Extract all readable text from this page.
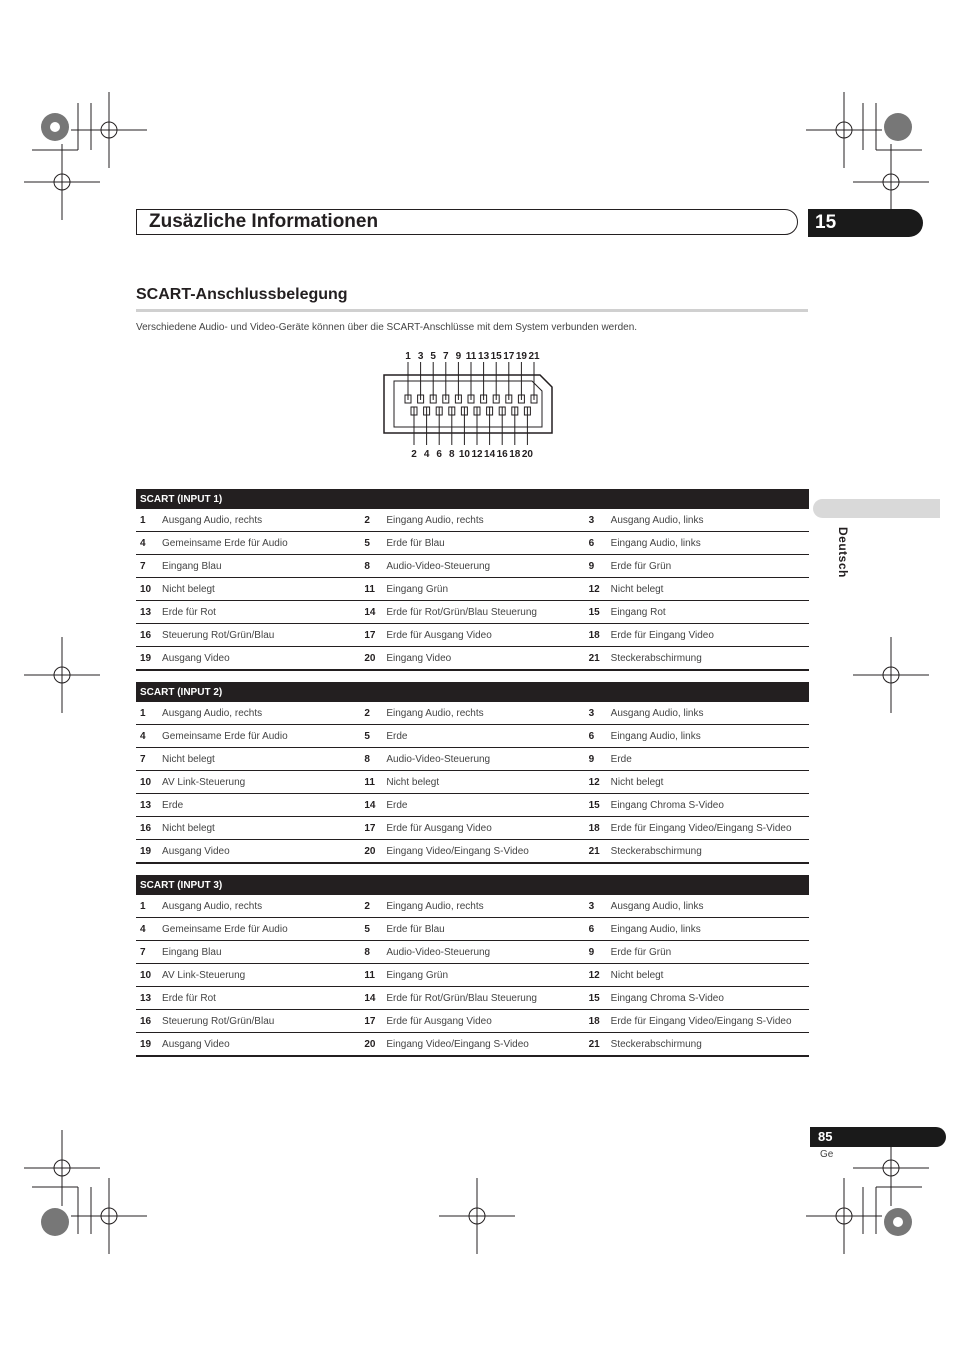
Zusäzliche Informationen	15
SCART-Anschlussbelegung
Verschiedene Audio- und Video-Geräte können über die SCART-Anschlüsse mit dem System verbunden werden.
1 3 5 7 9 11 13 15 17 19 21
2 4 6 8 10 12 14 16 18 20
Deutsch
SCART (INPUT 1)					
1	Ausgang Audio, rechts	2	Eingang Audio, rechts	3	Ausgang Audio, links
4	Gemeinsame Erde für Audio	5	Erde für Blau	6	Eingang Audio, links
7	Eingang Blau	8	Audio-Video-Steuerung	9	Erde für Grün
10	Nicht belegt	11	Eingang Grün	12	Nicht belegt
13	Erde für Rot	14	Erde für Rot/Grün/Blau Steuerung	15	Eingang Rot
16	Steuerung Rot/Grün/Blau	17	Erde für Ausgang Video	18	Erde für Eingang Video
19	Ausgang Video	20	Eingang Video	21	Steckerabschirmung
SCART (INPUT 2)					
1	Ausgang Audio, rechts	2	Eingang Audio, rechts	3	Ausgang Audio, links
4	Gemeinsame Erde für Audio	5	Erde	6	Eingang Audio, links
7	Nicht belegt	8	Audio-Video-Steuerung	9	Erde
10	AV Link-Steuerung	11	Nicht belegt	12	Nicht belegt
13	Erde	14	Erde	15	Eingang Chroma S-Video
16	Nicht belegt	17	Erde für Ausgang Video	18	Erde für Eingang Video/Eingang S-Video
19	Ausgang Video	20	Eingang Video/Eingang S-Video	21	Steckerabschirmung
SCART (INPUT 3)					
1	Ausgang Audio, rechts	2	Eingang Audio, rechts	3	Ausgang Audio, links
4	Gemeinsame Erde für Audio	5	Erde für Blau	6	Eingang Audio, links
7	Eingang Blau	8	Audio-Video-Steuerung	9	Erde für Grün
10	AV Link-Steuerung	11	Eingang Grün	12	Nicht belegt
13	Erde für Rot	14	Erde für Rot/Grün/Blau Steuerung	15	Eingang Chroma S-Video
16	Steuerung Rot/Grün/Blau	17	Erde für Ausgang Video	18	Erde für Eingang Video/Eingang S-Video
19	Ausgang Video	20	Eingang Video/Eingang S-Video	21	Steckerabschirmung
85
Ge
